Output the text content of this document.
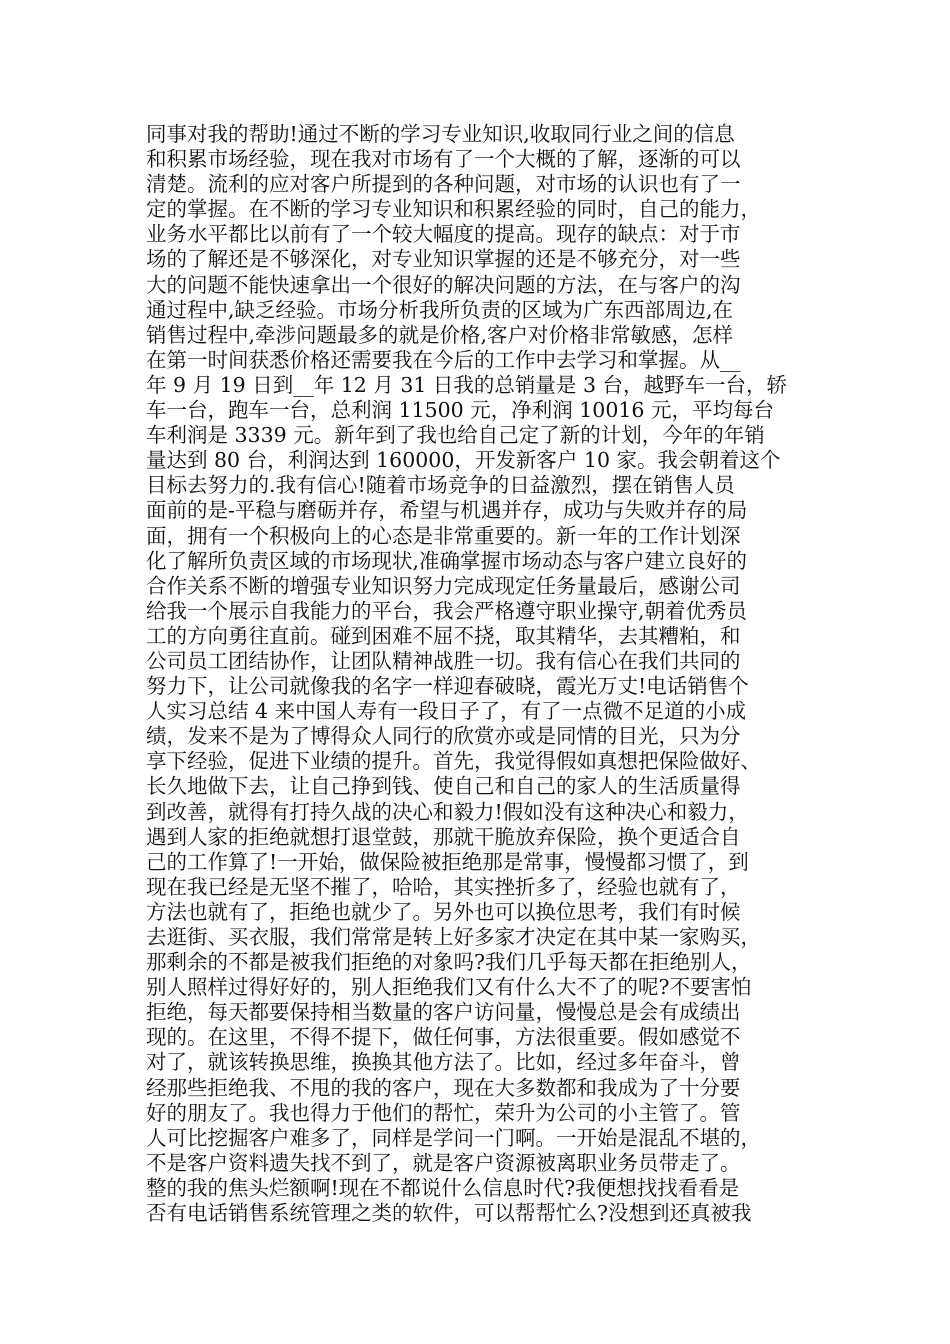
同事对我的帮助!通过不断的学习专业知识,收取同行业之间的信息
和积累市场经验，现在我对市场有了一个大概的了解，逐渐的可以
清楚。流利的应对客户所提到的各种问题，对市场的认识也有了一
定的掌握。在不断的学习专业知识和积累经验的同时，自己的能力，
业务水平都比以前有了一个较大幅度的提高。现存的缺点：对于市
场的了解还是不够深化，对专业知识掌握的还是不够充分，对一些
大的问题不能快速拿出一个很好的解决问题的方法，在与客户的沟
通过程中,缺乏经验。市场分析我所负责的区域为广东西部周边,在
销售过程中,牵涉问题最多的就是价格,客户对价格非常敏感，怎样
在第一时间获悉价格还需要我在今后的工作中去学习和掌握。从__
年 9 月 19 日到__年 12 月 31 日我的总销量是 3 台，越野车一台，轿
车一台，跑车一台，总利润 11500 元，净利润 10016 元，平均每台
车利润是 3339 元。新年到了我也给自己定了新的计划，今年的年销
量达到 80 台，利润达到 160000，开发新客户 10 家。我会朝着这个
目标去努力的.我有信心!随着市场竞争的日益激烈，摆在销售人员
面前的是-平稳与磨砺并存，希望与机遇并存，成功与失败并存的局
面，拥有一个积极向上的心态是非常重要的。新一年的工作计划深
化了解所负责区域的市场现状,准确掌握市场动态与客户建立良好的
合作关系不断的增强专业知识努力完成现定任务量最后，感谢公司
给我一个展示自我能力的平台，我会严格遵守职业操守,朝着优秀员
工的方向勇往直前。碰到困难不屈不挠，取其精华，去其糟粕，和
公司员工团结协作，让团队精神战胜一切。我有信心在我们共同的
努力下，让公司就像我的名字一样迎春破晓，霞光万丈!电话销售个
人实习总结 4 来中国人寿有一段日子了，有了一点微不足道的小成
绩，发来不是为了博得众人同行的欣赏亦或是同情的目光，只为分
享下经验，促进下业绩的提升。首先，我觉得假如真想把保险做好、
长久地做下去，让自己挣到钱、使自己和自己的家人的生活质量得
到改善，就得有打持久战的决心和毅力!假如没有这种决心和毅力，
遇到人家的拒绝就想打退堂鼓，那就干脆放弃保险，换个更适合自
己的工作算了!一开始，做保险被拒绝那是常事，慢慢都习惯了，到
现在我已经是无坚不摧了，哈哈，其实挫折多了，经验也就有了，
方法也就有了，拒绝也就少了。另外也可以换位思考，我们有时候
去逛街、买衣服，我们常常是转上好多家才决定在其中某一家购买，
那剩余的不都是被我们拒绝的对象吗?我们几乎每天都在拒绝别人，
别人照样过得好好的，别人拒绝我们又有什么大不了的呢?不要害怕
拒绝，每天都要保持相当数量的客户访问量，慢慢总是会有成绩出
现的。在这里，不得不提下，做任何事，方法很重要。假如感觉不
对了，就该转换思维，换换其他方法了。比如，经过多年奋斗，曾
经那些拒绝我、不甩的我的客户，现在大多数都和我成为了十分要
好的朋友了。我也得力于他们的帮忙，荣升为公司的小主管了。管
人可比挖掘客户难多了，同样是学问一门啊。一开始是混乱不堪的，
不是客户资料遗失找不到了，就是客户资源被离职业务员带走了。
整的我的焦头烂额啊!现在不都说什么信息时代?我便想找找看看是
否有电话销售系统管理之类的软件，可以帮帮忙么?没想到还真被我
